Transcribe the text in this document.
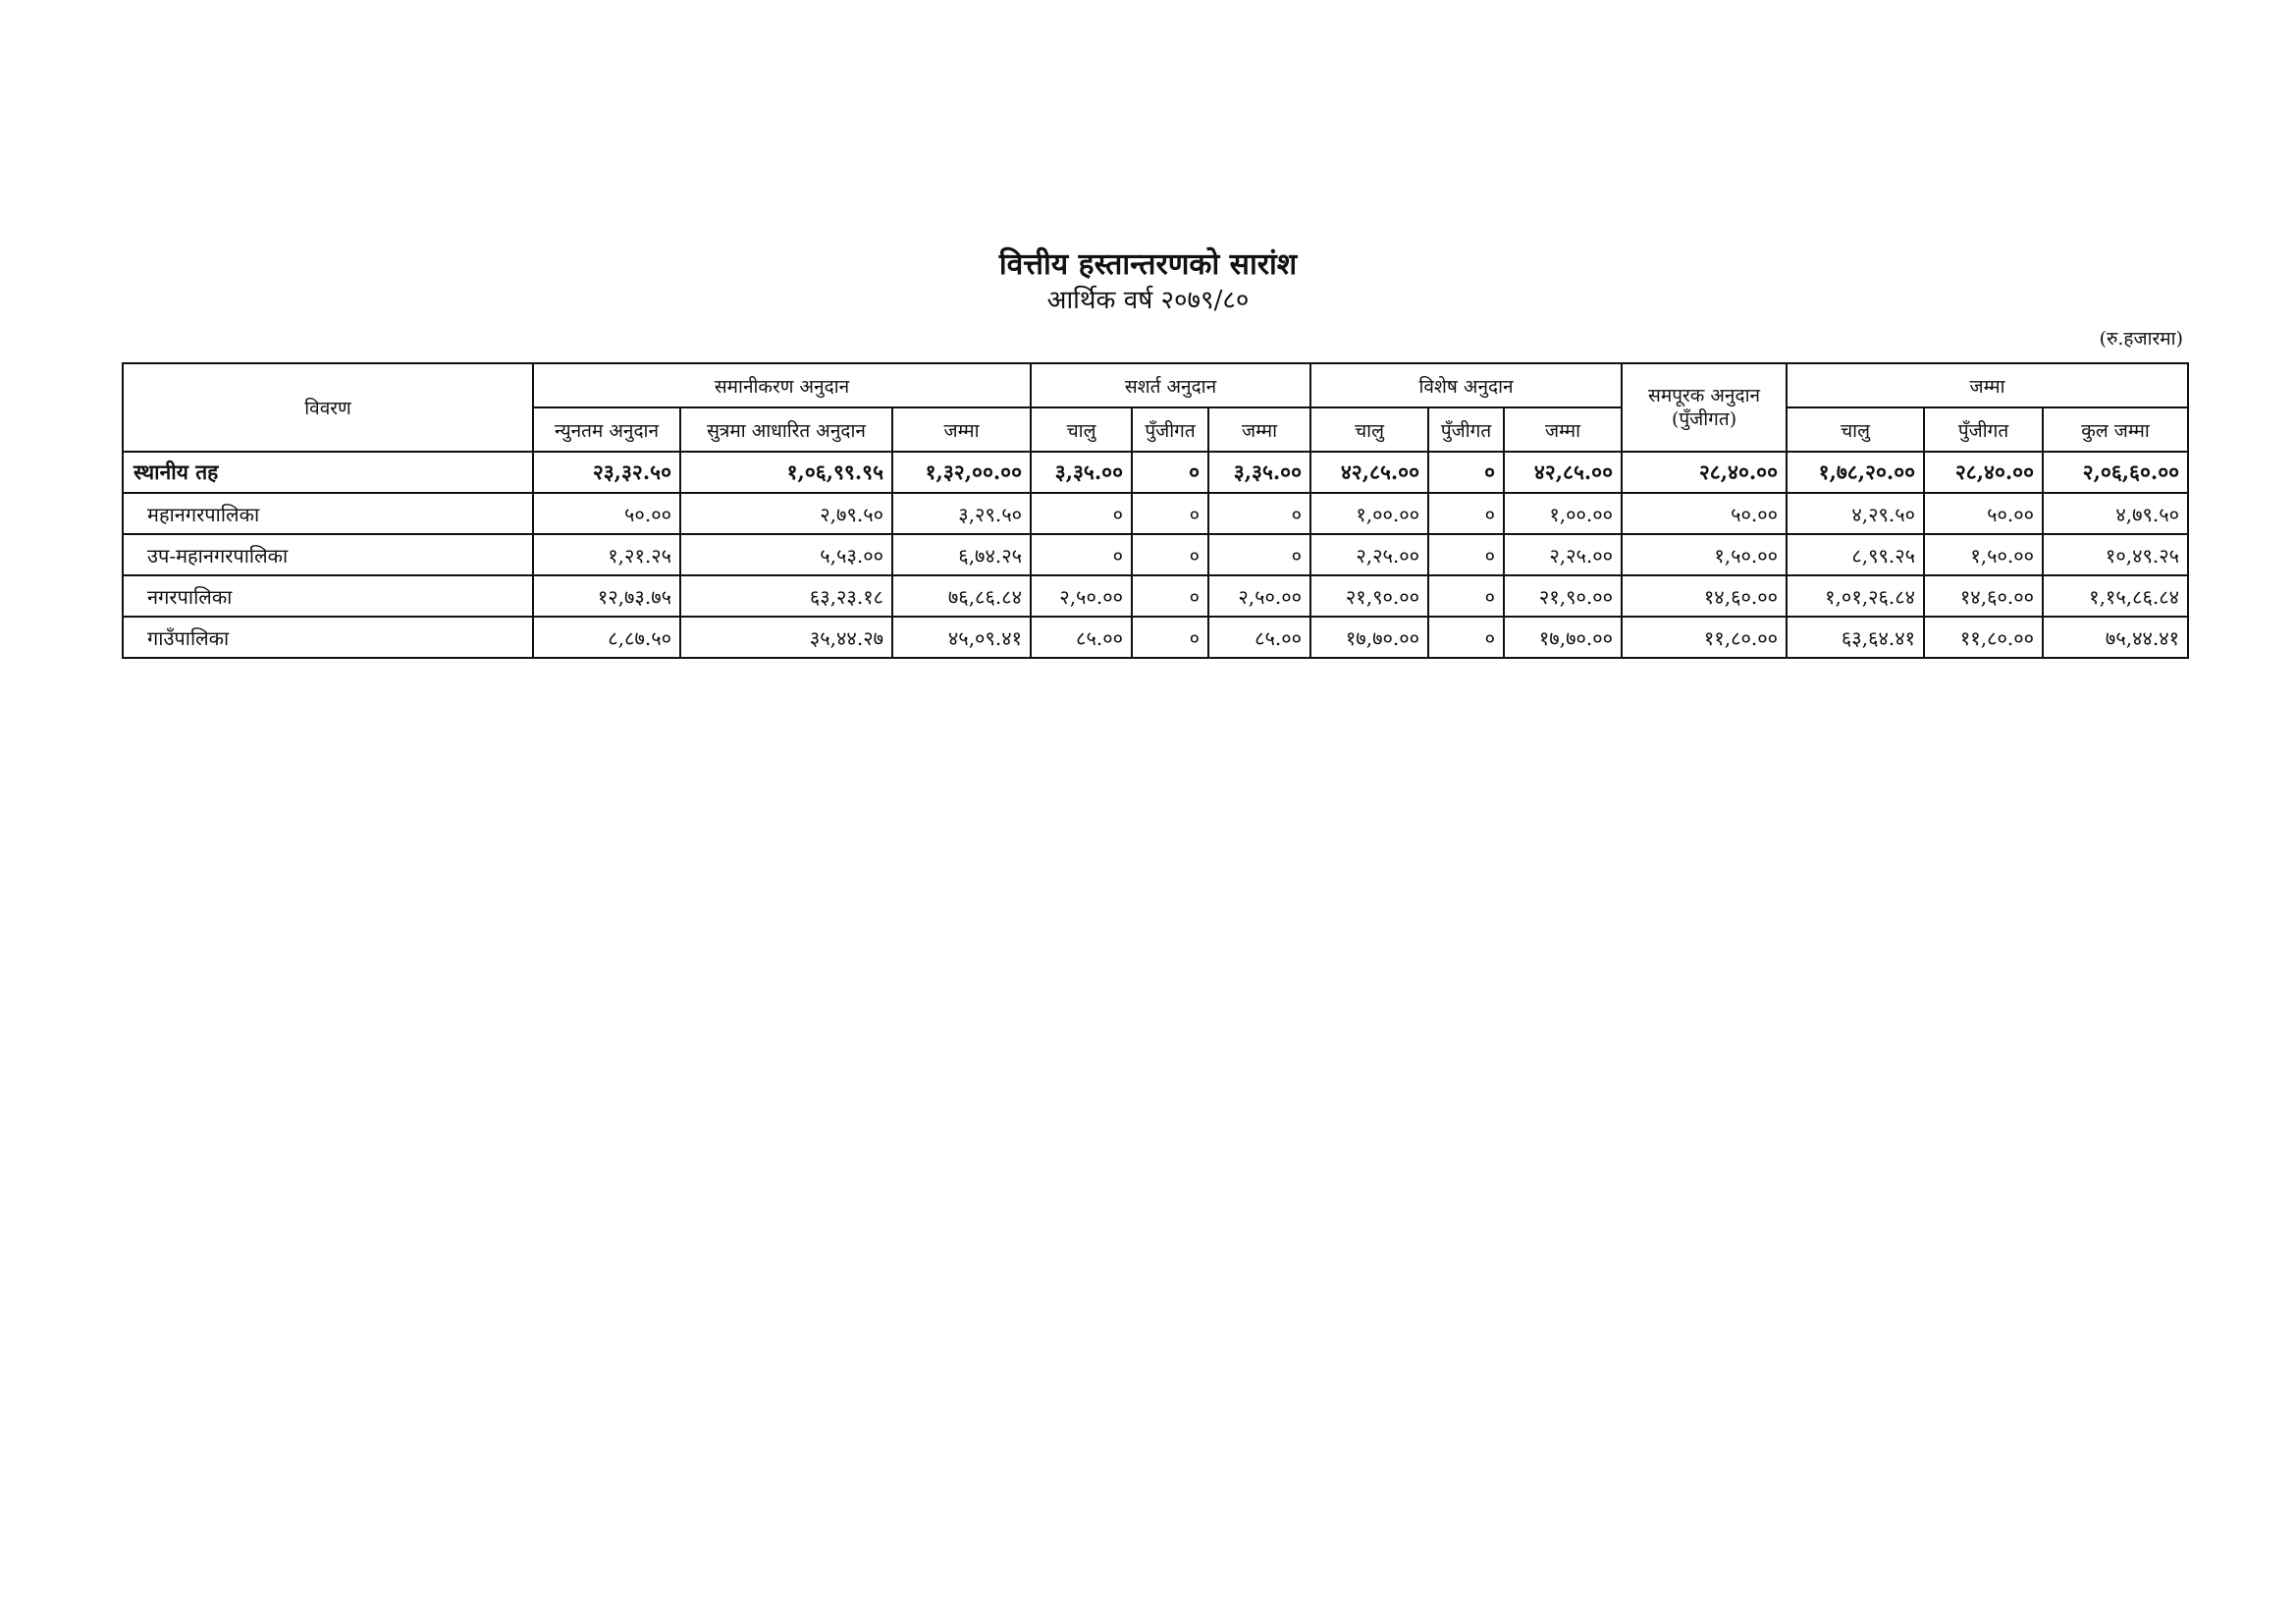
वित्तीय हस्तान्तरणको सारांश
आर्थिक वर्ष २०७९/८०
(रु.हजारमा)
विवरण	समानीकरण अनुदान			सशर्त अनुदान			विशेष अनुदान			समपूरक अनुदान (पुँजीगत)	जम्मा		
	न्युनतम अनुदान	सुत्रमा आधारित अनुदान	जम्मा	चालु	पुँजीगत	जम्मा	चालु	पुँजीगत	जम्मा		चालु	पुँजीगत	कुल जम्मा
स्थानीय तह	२३,३२.५०	१,०६,९९.९५	१,३२,००.००	३,३५.००	०	३,३५.००	४२,८५.००	०	४२,८५.००	२८,४०.००	१,७८,२०.००	२८,४०.००	२,०६,६०.००
महानगरपालिका	५०.००	२,७९.५०	३,२९.५०	०	०	०	१,००.००	०	१,००.००	५०.००	४,२९.५०	५०.००	४,७९.५०
उप-महानगरपालिका	१,२१.२५	५,५३.००	६,७४.२५	०	०	०	२,२५.००	०	२,२५.००	१,५०.००	८,९९.२५	१,५०.००	१०,४९.२५
नगरपालिका	१२,७३.७५	६३,२३.१८	७६,८६.८४	२,५०.००	०	२,५०.००	२१,९०.००	०	२१,९०.००	१४,६०.००	१,०१,२६.८४	१४,६०.००	१,१५,८६.८४
गाउँपालिका	८,८७.५०	३५,४४.२७	४५,०९.४१	८५.००	०	८५.००	१७,७०.००	०	१७,७०.००	११,८०.००	६३,६४.४१	११,८०.००	७५,४४.४१
